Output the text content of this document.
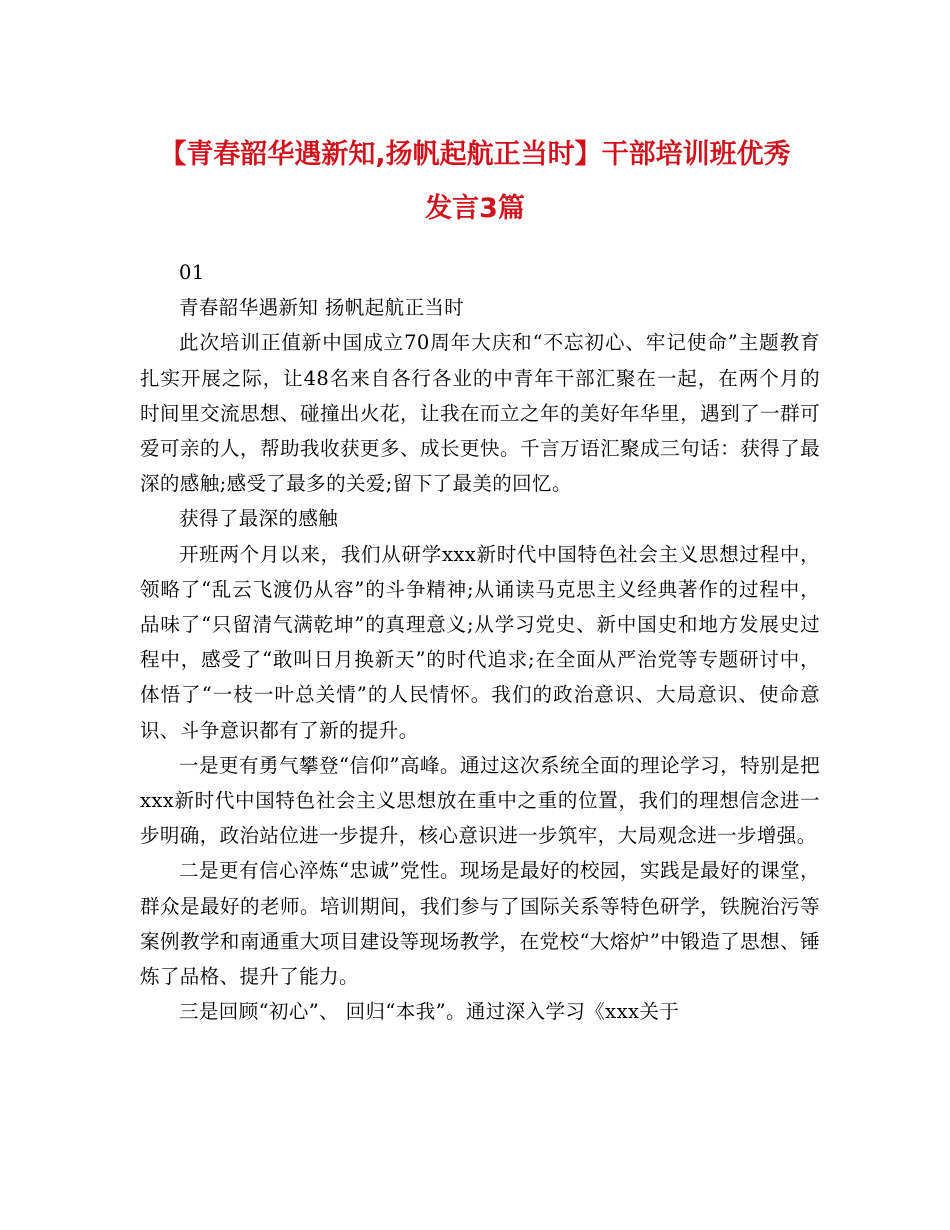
【青春韶华遇新知,扬帆起航正当时】干部培训班优秀
发言3篇

01

青春韶华遇新知 扬帆起航正当时

此次培训正值新中国成立70周年大庆和“不忘初心、牢记使命”主题教育扎实开展之际，让48名来自各行各业的中青年干部汇聚在一起，在两个月的时间里交流思想、碰撞出火花，让我在而立之年的美好年华里，遇到了一群可爱可亲的人，帮助我收获更多、成长更快。千言万语汇聚成三句话：获得了最深的感触;感受了最多的关爱;留下了最美的回忆。

获得了最深的感触

开班两个月以来，我们从研学xxx新时代中国特色社会主义思想过程中，领略了“乱云飞渡仍从容”的斗争精神;从诵读马克思主义经典著作的过程中，品味了“只留清气满乾坤”的真理意义;从学习党史、新中国史和地方发展史过程中，感受了“敢叫日月换新天”的时代追求;在全面从严治党等专题研讨中，体悟了“一枝一叶总关情”的人民情怀。我们的政治意识、大局意识、使命意识、斗争意识都有了新的提升。

一是更有勇气攀登“信仰”高峰。通过这次系统全面的理论学习，特别是把xxx新时代中国特色社会主义思想放在重中之重的位置，我们的理想信念进一步明确，政治站位进一步提升，核心意识进一步筑牢，大局观念进一步增强。

二是更有信心淬炼“忠诚”党性。现场是最好的校园，实践是最好的课堂，群众是最好的老师。培训期间，我们参与了国际关系等特色研学，铁腕治污等案例教学和南通重大项目建设等现场教学，在党校“大熔炉”中锻造了思想、锤炼了品格、提升了能力。

三是回顾“初心”、 回归“本我”。通过深入学习《xxx关于
